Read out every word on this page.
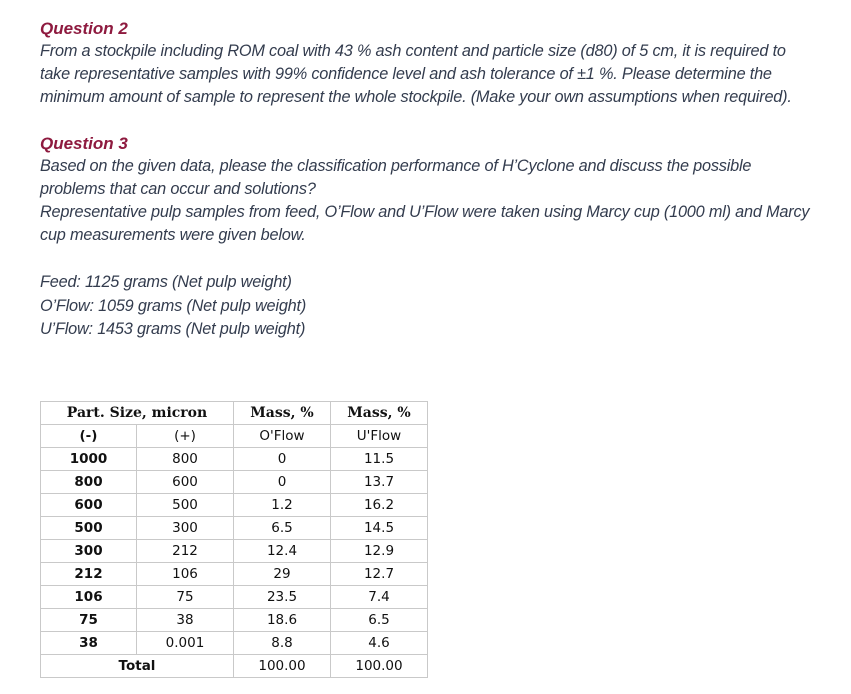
Question 2

From a stockpile including ROM coal with 43 % ash content and particle size (d80) of 5 cm, it is required to take representative samples with 99% confidence level and ash tolerance of ±1 %. Please determine the minimum amount of sample to represent the whole stockpile. (Make your own assumptions when required).

Question 3

Based on the given data, please the classification performance of H’Cyclone and discuss the possible problems that can occur and solutions?

Representative pulp samples from feed, O’Flow and U’Flow were taken using Marcy cup (1000 ml) and Marcy cup measurements were given below.

Feed: 1125 grams (Net pulp weight)

O’Flow: 1059 grams (Net pulp weight)

U’Flow: 1453 grams (Net pulp weight)

Part. Size, micron		Mass, %	Mass, %
(-)	(+)	O'Flow	U'Flow
1000	800	0	11.5
800	600	0	13.7
600	500	1.2	16.2
500	300	6.5	14.5
300	212	12.4	12.9
212	106	29	12.7
106	75	23.5	7.4
75	38	18.6	6.5
38	0.001	8.8	4.6
Total		100.00	100.00
